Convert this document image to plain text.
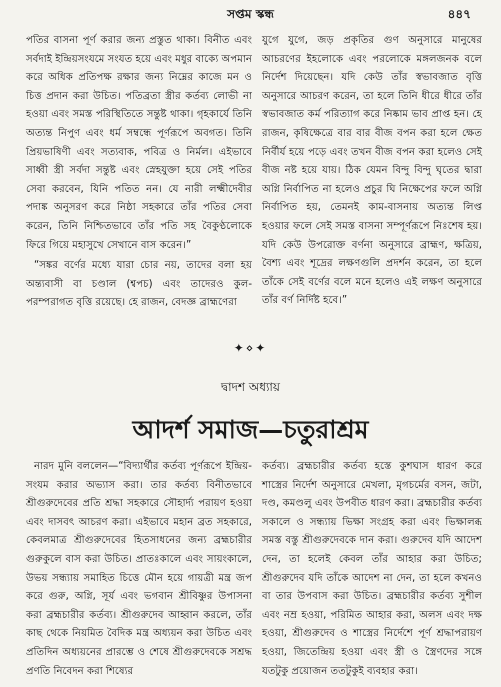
সপ্তম স্কন্ধ	৪৪৭

পতির বাসনা পূর্ণ করার জন্য প্রস্তুত থাকা। বিনীত এবং সর্বদাই ইন্দ্রিয়সংযমে সংযত হয়ে এবং মধুর বাক্যে অপমান করে অধিক প্রতিপক্ষ রক্ষার জন্য নিম্নের কাজে মন ও চিত্ত প্রদান করা উচিত। পতিব্রতা স্ত্রীর কর্তব্য লোভী না হওয়া এবং সমস্ত পরিস্থিতিতে সন্তুষ্ট থাকা। গৃহকার্যে তিনি অত্যন্ত নিপুণ এবং ধর্ম সম্বন্ধে পূর্ণরূপে অবগত। তিনি প্রিয়ভাষিণী এবং সত্যবাক, পবিত্র ও নির্মল। এইভাবে সাধ্বী স্ত্রী সর্বদা সন্তুষ্ট এবং স্নেহযুক্তা হয়ে সেই পতির সেবা করবেন, যিনি পতিত নন। যে নারী লক্ষ্মীদেবীর পদাঙ্ক অনুসরণ করে নিষ্ঠা সহকারে তাঁর পতির সেবা করেন, তিনি নিশ্চিতভাবে তাঁর পতি সহ বৈকুণ্ঠলোকে ফিরে গিয়ে মহাসুখে সেখানে বাস করেন।”

“সঙ্কর বর্ণের মধ্যে যারা চোর নয়, তাদের বলা হয় অন্ত্যবাসী বা চণ্ডাল (শ্বপচ) এবং তাদেরও কুল-পরম্পরাগত বৃত্তি রয়েছে। হে রাজন, বেদজ্ঞ ব্রাহ্মণেরা

যুগে যুগে, জড় প্রকৃতির গুণ অনুসারে মানুষের আচরণের ইহলোকে এবং পরলোকে মঙ্গলজনক বলে নির্দেশ দিয়েছেন। যদি কেউ তাঁর স্বভাবজাত বৃত্তি অনুসারে আচরণ করেন, তা হলে তিনি ধীরে ধীরে তাঁর স্বভাবজাত কর্ম পরিত্যাগ করে নিষ্কাম ভাব প্রাপ্ত হন। হে রাজন, কৃষিক্ষেত্রে বার বার বীজ বপন করা হলে ক্ষেত নির্বীর্য হয়ে পড়ে এবং তখন বীজ বপন করা হলেও সেই বীজ নষ্ট হয়ে যায়। ঠিক যেমন বিন্দু বিন্দু ঘৃতের দ্বারা অগ্নি নির্বাপিত না হলেও প্রচুর ঘি নিক্ষেপের ফলে অগ্নি নির্বাপিত হয়, তেমনই কাম-বাসনায় অত্যন্ত লিপ্ত হওয়ার ফলে সেই সমস্ত বাসনা সম্পূর্ণরূপে নিঃশেষ হয়। যদি কেউ উপরোক্ত বর্ণনা অনুসারে ব্রাহ্মণ, ক্ষত্রিয়, বৈশ্য এবং শূদ্রের লক্ষণগুলি প্রদর্শন করেন, তা হলে তাঁকে সেই বর্ণের বলে মনে হলেও এই লক্ষণ অনুসারে তাঁর বর্ণ নির্দিষ্ট হবে।”

✦⋄✦
দ্বাদশ অধ্যায়
আদর্শ সমাজ—চতুরাশ্রম

নারদ মুনি বললেন—“বিদ্যার্থীর কর্তব্য পূর্ণরূপে ইন্দ্রিয়-সংযম করার অভ্যাস করা। তার কর্তব্য বিনীতভাবে শ্রীগুরুদেবের প্রতি শ্রদ্ধা সহকারে সৌহার্দ্য পরায়ণ হওয়া এবং দাসবৎ আচরণ করা। এইভাবে মহান ব্রত সহকারে, কেবলমাত্র শ্রীগুরুদেবের হিতসাধনের জন্য ব্রহ্মচারীর গুরুকুলে বাস করা উচিত। প্রাতঃকালে এবং সায়ংকালে, উভয় সন্ধ্যায় সমাহিত চিত্তে মৌন হয়ে গায়ত্রী মন্ত্র জপ করে গুরু, অগ্নি, সূর্য এবং ভগবান শ্রীবিষ্ণুর উপাসনা করা ব্রহ্মচারীর কর্তব্য। শ্রীগুরুদেব আহ্বান করলে, তাঁর কাছ থেকে নিয়মিত বৈদিক মন্ত্র অধ্যয়ন করা উচিত এবং প্রতিদিন অধ্যয়নের প্রারম্ভে ও শেষে শ্রীগুরুদেবকে সশ্রদ্ধ প্রণতি নিবেদন করা শিষ্যের

কর্তব্য। ব্রহ্মচারীর কর্তব্য হস্তে কুশঘাস ধারণ করে শাস্ত্রের নির্দেশ অনুসারে মেখলা, মৃগচর্মের বসন, জটা, দণ্ড, কমণ্ডলু এবং উপবীত ধারণ করা। ব্রহ্মচারীর কর্তব্য সকালে ও সন্ধ্যায় ভিক্ষা সংগ্রহ করা এবং ভিক্ষালব্ধ সমস্ত বস্তু শ্রীগুরুদেবকে দান করা। গুরুদেব যদি আদেশ দেন, তা হলেই কেবল তাঁর আহার করা উচিত; শ্রীগুরুদেব যদি তাঁকে আদেশ না দেন, তা হলে কখনও বা তার উপবাস করা উচিত। ব্রহ্মচারীর কর্তব্য সুশীল এবং নম্র হওয়া, পরিমিত আহার করা, অলস এবং দক্ষ হওয়া, শ্রীগুরুদেব ও শাস্ত্রের নির্দেশে পূর্ণ শ্রদ্ধাপরায়ণ হওয়া, জিতেন্দ্রিয় হওয়া এবং স্ত্রী ও স্ত্রৈণদের সঙ্গে যতটুকু প্রয়োজন ততটুকুই ব্যবহার করা।
